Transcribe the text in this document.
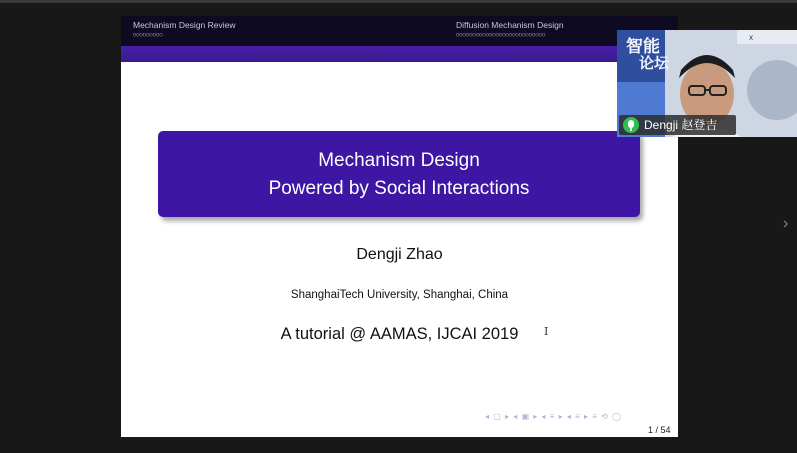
Mechanism Design Review
○○○○○○○○○
Diffusion Mechanism Design
○○○○○○○○○○○○○○○○○○○○○○○○○○○
Mechanism Design
Powered by Social Interactions
Dengji Zhao
ShanghaiTech University, Shanghai, China
A tutorial @ AAMAS, IJCAI 2019	I
◂ ▢ ▸ ◂ ▣ ▸ ◂ ≡ ▸ ◂ ≡ ▸ ≡ ⟲ ◯
1 / 54
X
智能
论坛
Dengji 赵登吉
›
